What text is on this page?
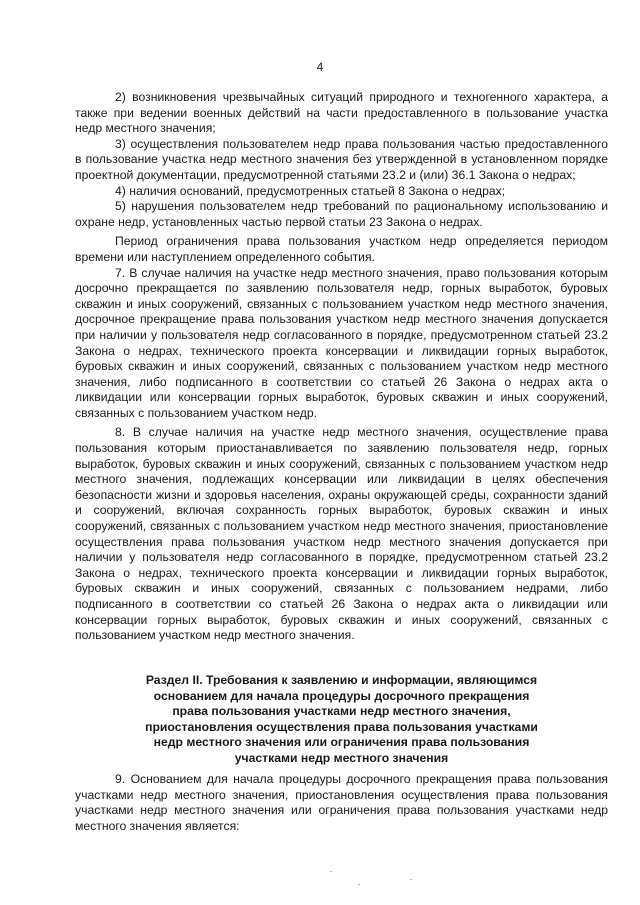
4

2) возникновения чрезвычайных ситуаций природного и техногенного характера, а также при ведении военных действий на части предоставленного в пользование участка недр местного значения;

3) осуществления пользователем недр права пользования частью предоставленного в пользование участка недр местного значения без утвержденной в установленном порядке проектной документации, предусмотренной статьями 23.2 и (или) 36.1 Закона о недрах;

4) наличия оснований, предусмотренных статьей 8 Закона о недрах;

5) нарушения пользователем недр требований по рациональному использованию и охране недр, установленных частью первой статьи 23 Закона о недрах.

Период ограничения права пользования участком недр определяется периодом времени или наступлением определенного события.

7. В случае наличия на участке недр местного значения, право пользования которым досрочно прекращается по заявлению пользователя недр, горных выработок, буровых скважин и иных сооружений, связанных с пользованием участком недр местного значения, досрочное прекращение права пользования участком недр местного значения допускается при наличии у пользователя недр согласованного в порядке, предусмотренном статьей 23.2 Закона о недрах, технического проекта консервации и ликвидации горных выработок, буровых скважин и иных сооружений, связанных с пользованием участком недр местного значения, либо подписанного в соответствии со статьей 26 Закона о недрах акта о ликвидации или консервации горных выработок, буровых скважин и иных сооружений, связанных с пользованием участком недр.

8. В случае наличия на участке недр местного значения, осуществление права пользования которым приостанавливается по заявлению пользователя недр, горных выработок, буровых скважин и иных сооружений, связанных с пользованием участком недр местного значения, подлежащих консервации или ликвидации в целях обеспечения безопасности жизни и здоровья населения, охраны окружающей среды, сохранности зданий и сооружений, включая сохранность горных выработок, буровых скважин и иных сооружений, связанных с пользованием участком недр местного значения, приостановление осуществления права пользования участком недр местного значения допускается при наличии у пользователя недр согласованного в порядке, предусмотренном статьей 23.2 Закона о недрах, технического проекта консервации и ликвидации горных выработок, буровых скважин и иных сооружений, связанных с пользованием недрами, либо подписанного в соответствии со статьей 26 Закона о недрах акта о ликвидации или консервации горных выработок, буровых скважин и иных сооружений, связанных с пользованием участком недр местного значения.

Раздел II. Требования к заявлению и информации, являющимся
основанием для начала процедуры досрочного прекращения
права пользования участками недр местного значения,
приостановления осуществления права пользования участками
недр местного значения или ограничения права пользования
участками недр местного значения

9. Основанием для начала процедуры досрочного прекращения права пользования участками недр местного значения, приостановления осуществления права пользования участками недр местного значения или ограничения права пользования участками недр местного значения является:
